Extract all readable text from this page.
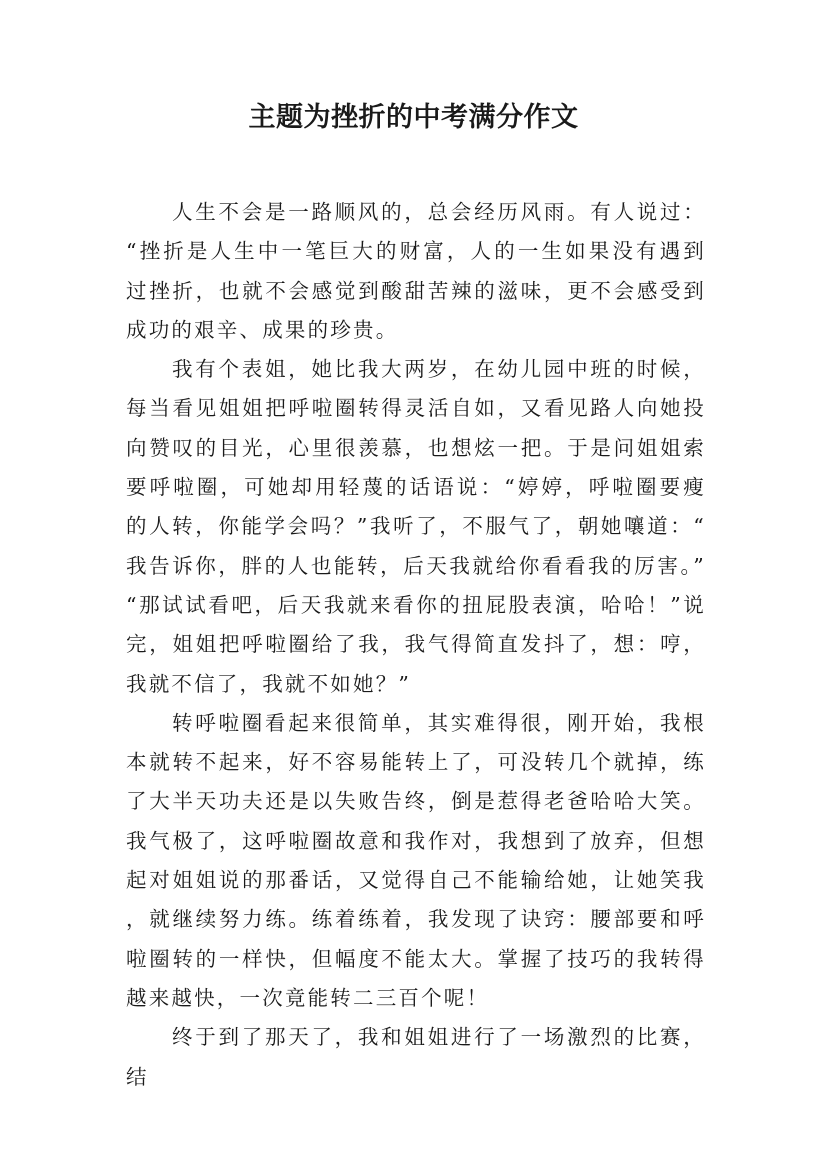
主题为挫折的中考满分作文

人生不会是一路顺风的，总会经历风雨。有人说过：“挫折是人生中一笔巨大的财富，人的一生如果没有遇到过挫折，也就不会感觉到酸甜苦辣的滋味，更不会感受到成功的艰辛、成果的珍贵。

我有个表姐，她比我大两岁，在幼儿园中班的时候，每当看见姐姐把呼啦圈转得灵活自如，又看见路人向她投向赞叹的目光，心里很羡慕，也想炫一把。于是问姐姐索要呼啦圈，可她却用轻蔑的话语说：“婷婷，呼啦圈要瘦的人转，你能学会吗？”我听了，不服气了，朝她嚷道：“我告诉你，胖的人也能转，后天我就给你看看我的厉害。”“那试试看吧，后天我就来看你的扭屁股表演，哈哈！”说完，姐姐把呼啦圈给了我，我气得简直发抖了，想：哼，我就不信了，我就不如她？”

转呼啦圈看起来很简单，其实难得很，刚开始，我根本就转不起来，好不容易能转上了，可没转几个就掉，练了大半天功夫还是以失败告终，倒是惹得老爸哈哈大笑。我气极了，这呼啦圈故意和我作对，我想到了放弃，但想起对姐姐说的那番话，又觉得自己不能输给她，让她笑我，就继续努力练。练着练着，我发现了诀窍：腰部要和呼啦圈转的一样快，但幅度不能太大。掌握了技巧的我转得越来越快，一次竟能转二三百个呢！

终于到了那天了，我和姐姐进行了一场激烈的比赛，结
